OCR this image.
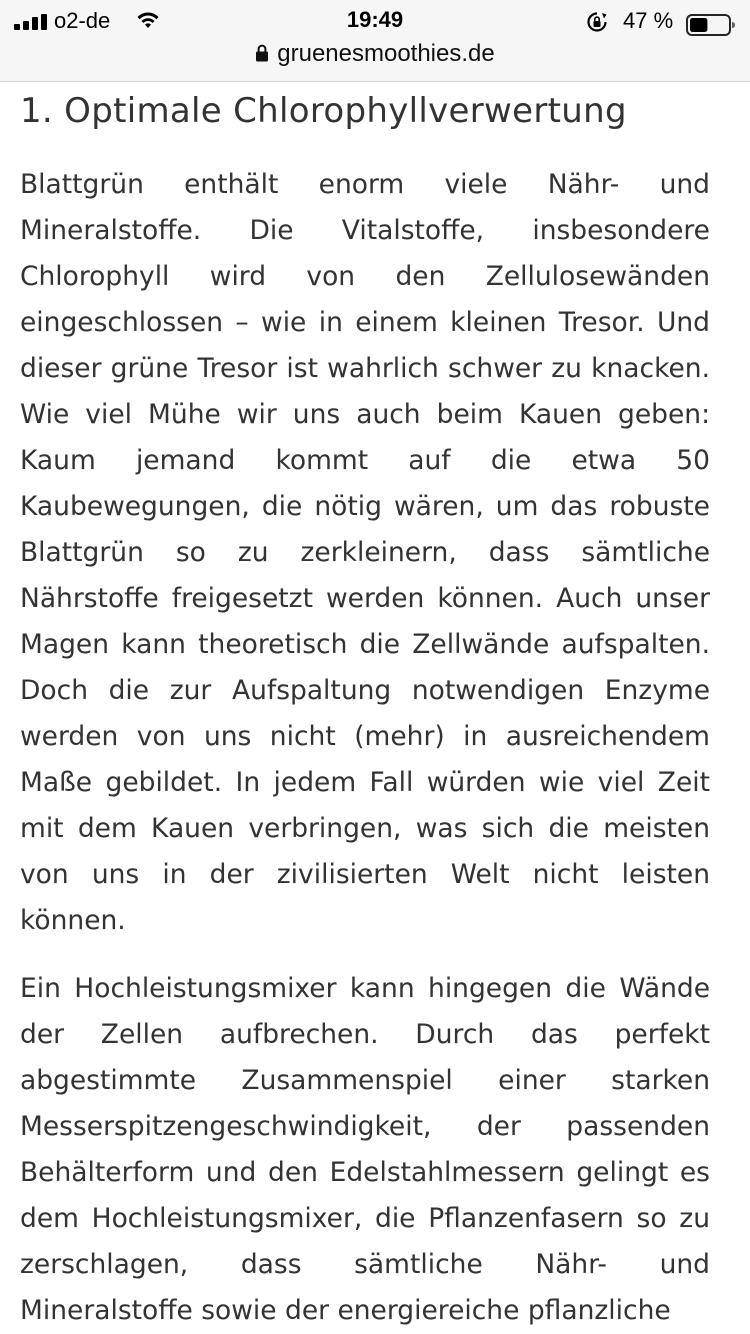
o2-de	19:49	47 %
gruenesmoothies.de
1. Optimale Chlorophyllverwertung

Blattgrün enthält enorm viele Nähr- und Mineralstoffe. Die Vitalstoffe, insbesondere Chlorophyll wird von den Zellulosewänden eingeschlossen – wie in einem kleinen Tresor. Und dieser grüne Tresor ist wahrlich schwer zu knacken. Wie viel Mühe wir uns auch beim Kauen geben: Kaum jemand kommt auf die etwa 50 Kaubewegungen, die nötig wären, um das robuste Blattgrün so zu zerkleinern, dass sämtliche Nährstoffe freigesetzt werden können. Auch unser Magen kann theoretisch die Zellwände aufspalten. Doch die zur Aufspaltung notwendigen Enzyme werden von uns nicht (mehr) in ausreichendem Maße gebildet. In jedem Fall würden wie viel Zeit mit dem Kauen verbringen, was sich die meisten von uns in der zivilisierten Welt nicht leisten können.

Ein Hochleistungsmixer kann hingegen die Wände der Zellen aufbrechen. Durch das perfekt abgestimmte Zusammenspiel einer starken Messerspitzengeschwindigkeit, der passenden Behälterform und den Edelstahlmessern gelingt es dem Hochleistungsmixer, die Pflanzenfasern so zu zerschlagen, dass sämtliche Nähr- und Mineralstoffe sowie der energiereiche pflanzliche
